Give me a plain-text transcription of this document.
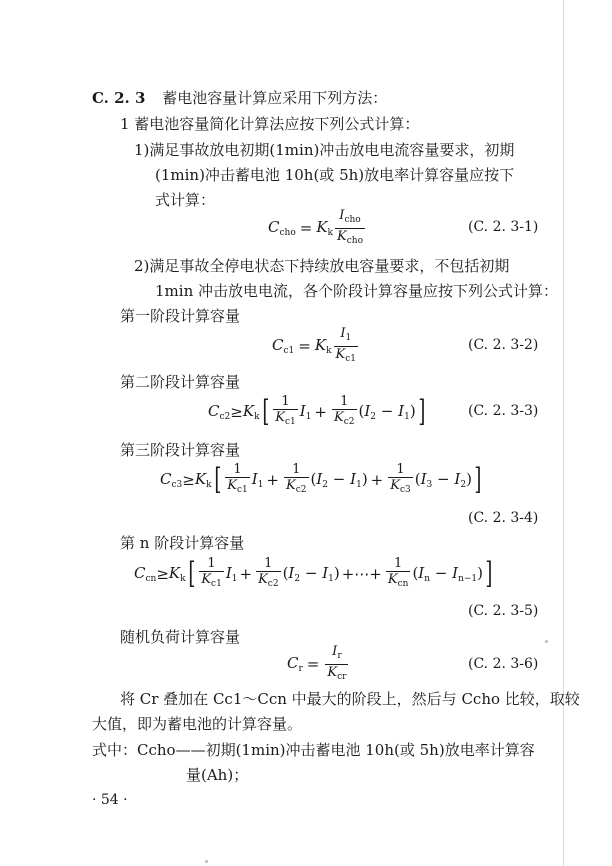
C. 2. 3 蓄电池容量计算应采用下列方法：
1 蓄电池容量简化计算法应按下列公式计算：
1)满足事故放电初期(1min)冲击放电电流容量要求，初期
(1min)冲击蓄电池 10h(或 5h)放电率计算容量应按下
式计算：
$C_{cho} = K_k \frac{I_{cho}}{K_{cho}}$	(C. 2. 3-1)
2)满足事故全停电状态下持续放电容量要求，不包括初期
1min 冲击放电电流，各个阶段计算容量应按下列公式计算：
第一阶段计算容量
$C_{c1} = K_k \frac{I_1}{K_{c1}}$	(C. 2. 3-2)
第二阶段计算容量
$C_{c2} \ge K_k$ [ $\frac{1}{K_{c1}} I_1 + \frac{1}{K_{c2}} (I_2 - I_1)$ ]	(C. 2. 3-3)
第三阶段计算容量
$C_{c3} \ge K_k$ [ $\frac{1}{K_{c1}} I_1 + \frac{1}{K_{c2}} (I_2 - I_1) + \frac{1}{K_{c3}} (I_3 - I_2)$ ]
(C. 2. 3-4)
第 n 阶段计算容量
$C_{cn} \ge K_k$ [ $\frac{1}{K_{c1}} I_1 + \frac{1}{K_{c2}} (I_2 - I_1)$ +⋯+ $\frac{1}{K_{cn}} (I_n - I_{n-1})$ ]
(C. 2. 3-5)
随机负荷计算容量
$C_r = \frac{I_r}{K_{cr}}$	(C. 2. 3-6)
将 Cr 叠加在 Cc1～Ccn 中最大的阶段上，然后与 Ccho 比较，取较
大值，即为蓄电池的计算容量。
式中：Ccho——初期(1min)冲击蓄电池 10h(或 5h)放电率计算容
量(Ah)；
· 54 ·
